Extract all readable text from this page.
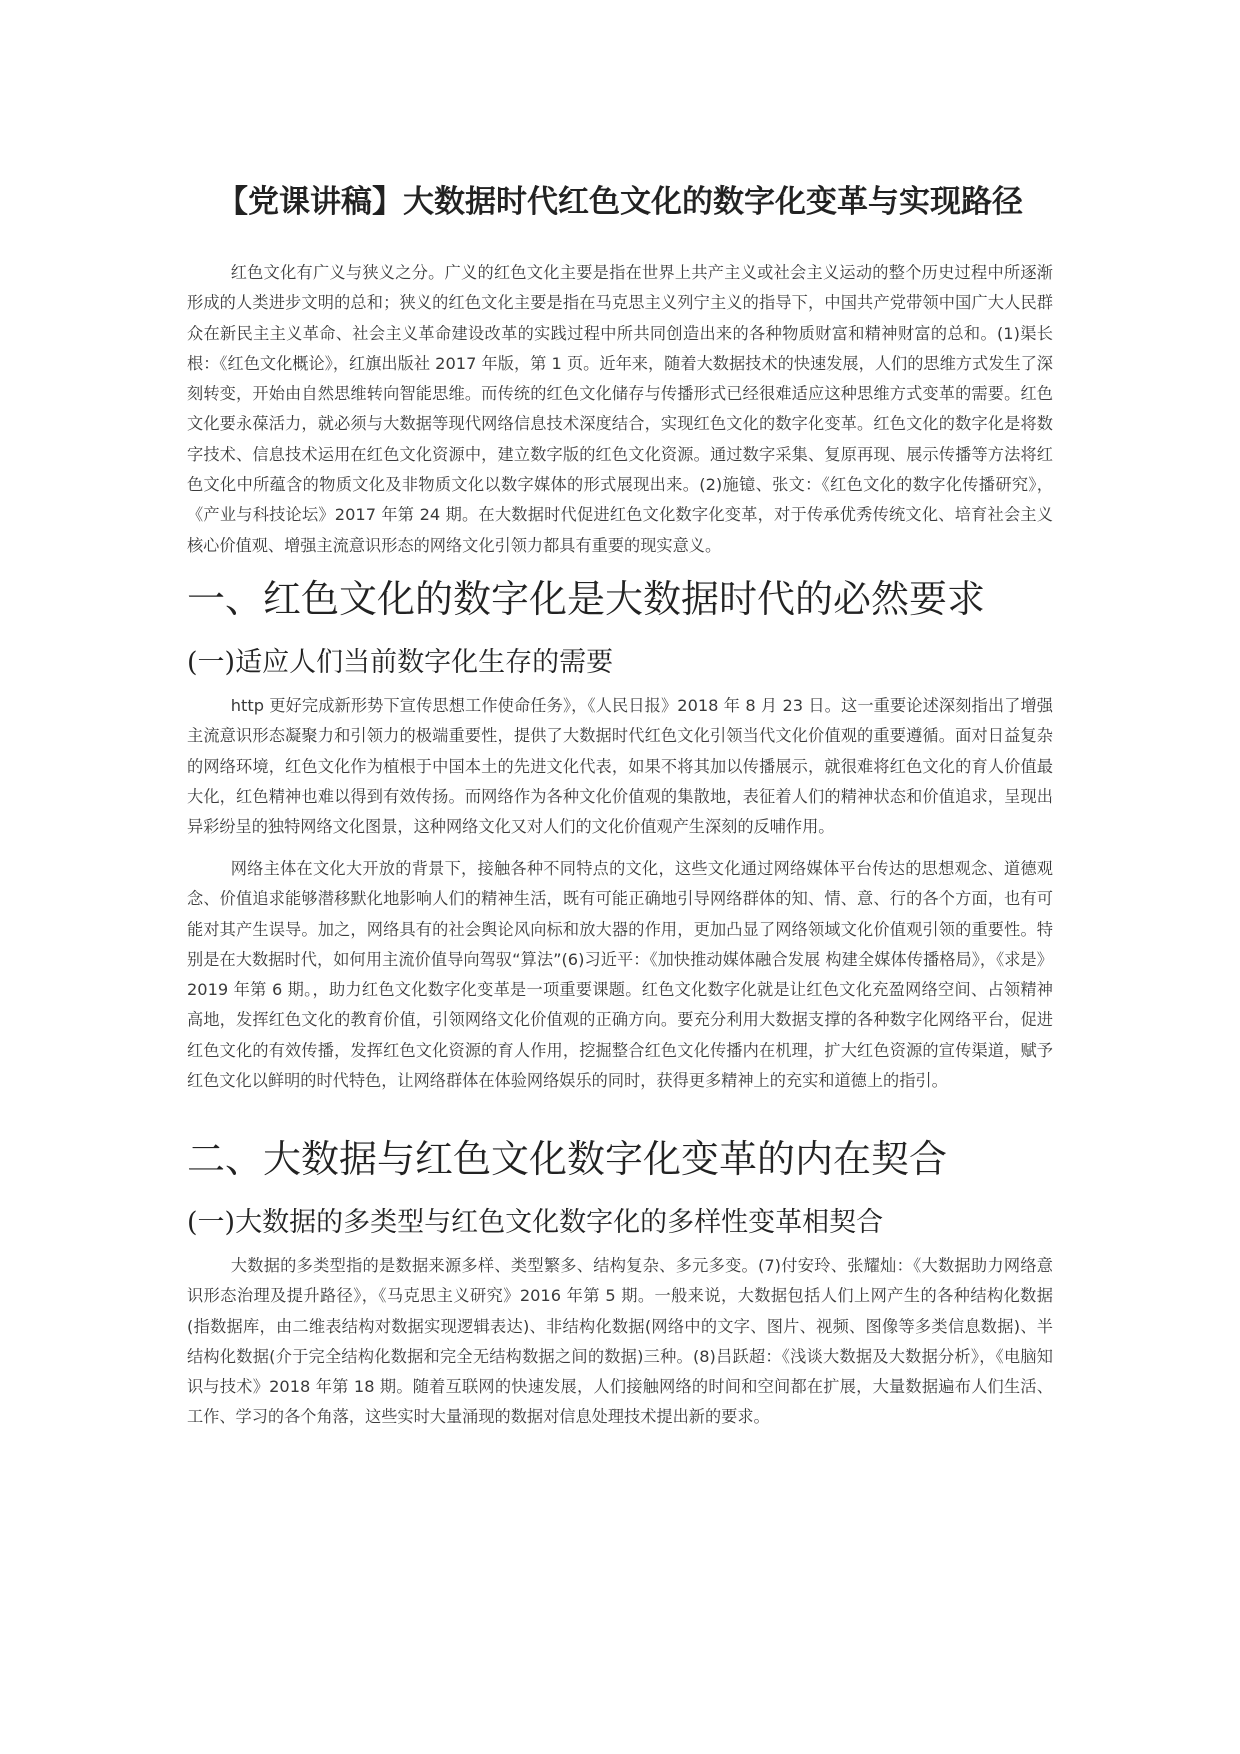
【党课讲稿】大数据时代红色文化的数字化变革与实现路径

红色文化有广义与狭义之分。广义的红色文化主要是指在世界上共产主义或社会主义运动的整个历史过程中所逐渐形成的人类进步文明的总和；狭义的红色文化主要是指在马克思主义列宁主义的指导下，中国共产党带领中国广大人民群众在新民主主义革命、社会主义革命建设改革的实践过程中所共同创造出来的各种物质财富和精神财富的总和。(1)渠长根：《红色文化概论》，红旗出版社 2017 年版，第 1 页。近年来，随着大数据技术的快速发展，人们的思维方式发生了深刻转变，开始由自然思维转向智能思维。而传统的红色文化储存与传播形式已经很难适应这种思维方式变革的需要。红色文化要永葆活力，就必须与大数据等现代网络信息技术深度结合，实现红色文化的数字化变革。红色文化的数字化是将数字技术、信息技术运用在红色文化资源中，建立数字版的红色文化资源。通过数字采集、复原再现、展示传播等方法将红色文化中所蕴含的物质文化及非物质文化以数字媒体的形式展现出来。(2)施镱、张文：《红色文化的数字化传播研究》，《产业与科技论坛》2017 年第 24 期。在大数据时代促进红色文化数字化变革，对于传承优秀传统文化、培育社会主义核心价值观、增强主流意识形态的网络文化引领力都具有重要的现实意义。

一、红色文化的数字化是大数据时代的必然要求
(一)适应人们当前数字化生存的需要

http 更好完成新形势下宣传思想工作使命任务》，《人民日报》2018 年 8 月 23 日。这一重要论述深刻指出了增强主流意识形态凝聚力和引领力的极端重要性，提供了大数据时代红色文化引领当代文化价值观的重要遵循。面对日益复杂的网络环境，红色文化作为植根于中国本土的先进文化代表，如果不将其加以传播展示，就很难将红色文化的育人价值最大化，红色精神也难以得到有效传扬。而网络作为各种文化价值观的集散地，表征着人们的精神状态和价值追求，呈现出异彩纷呈的独特网络文化图景，这种网络文化又对人们的文化价值观产生深刻的反哺作用。

网络主体在文化大开放的背景下，接触各种不同特点的文化，这些文化通过网络媒体平台传达的思想观念、道德观念、价值追求能够潜移默化地影响人们的精神生活，既有可能正确地引导网络群体的知、情、意、行的各个方面，也有可能对其产生误导。加之，网络具有的社会舆论风向标和放大器的作用，更加凸显了网络领域文化价值观引领的重要性。特别是在大数据时代，如何用主流价值导向驾驭“算法”(6)习近平：《加快推动媒体融合发展 构建全媒体传播格局》，《求是》2019 年第 6 期。，助力红色文化数字化变革是一项重要课题。红色文化数字化就是让红色文化充盈网络空间、占领精神高地，发挥红色文化的教育价值，引领网络文化价值观的正确方向。要充分利用大数据支撑的各种数字化网络平台，促进红色文化的有效传播，发挥红色文化资源的育人作用，挖掘整合红色文化传播内在机理，扩大红色资源的宣传渠道，赋予红色文化以鲜明的时代特色，让网络群体在体验网络娱乐的同时，获得更多精神上的充实和道德上的指引。

二、大数据与红色文化数字化变革的内在契合
(一)大数据的多类型与红色文化数字化的多样性变革相契合

大数据的多类型指的是数据来源多样、类型繁多、结构复杂、多元多变。(7)付安玲、张耀灿：《大数据助力网络意识形态治理及提升路径》，《马克思主义研究》2016 年第 5 期。一般来说，大数据包括人们上网产生的各种结构化数据(指数据库，由二维表结构对数据实现逻辑表达)、非结构化数据(网络中的文字、图片、视频、图像等多类信息数据)、半结构化数据(介于完全结构化数据和完全无结构数据之间的数据)三种。(8)吕跃超：《浅谈大数据及大数据分析》，《电脑知识与技术》2018 年第 18 期。随着互联网的快速发展，人们接触网络的时间和空间都在扩展，大量数据遍布人们生活、工作、学习的各个角落，这些实时大量涌现的数据对信息处理技术提出新的要求。
